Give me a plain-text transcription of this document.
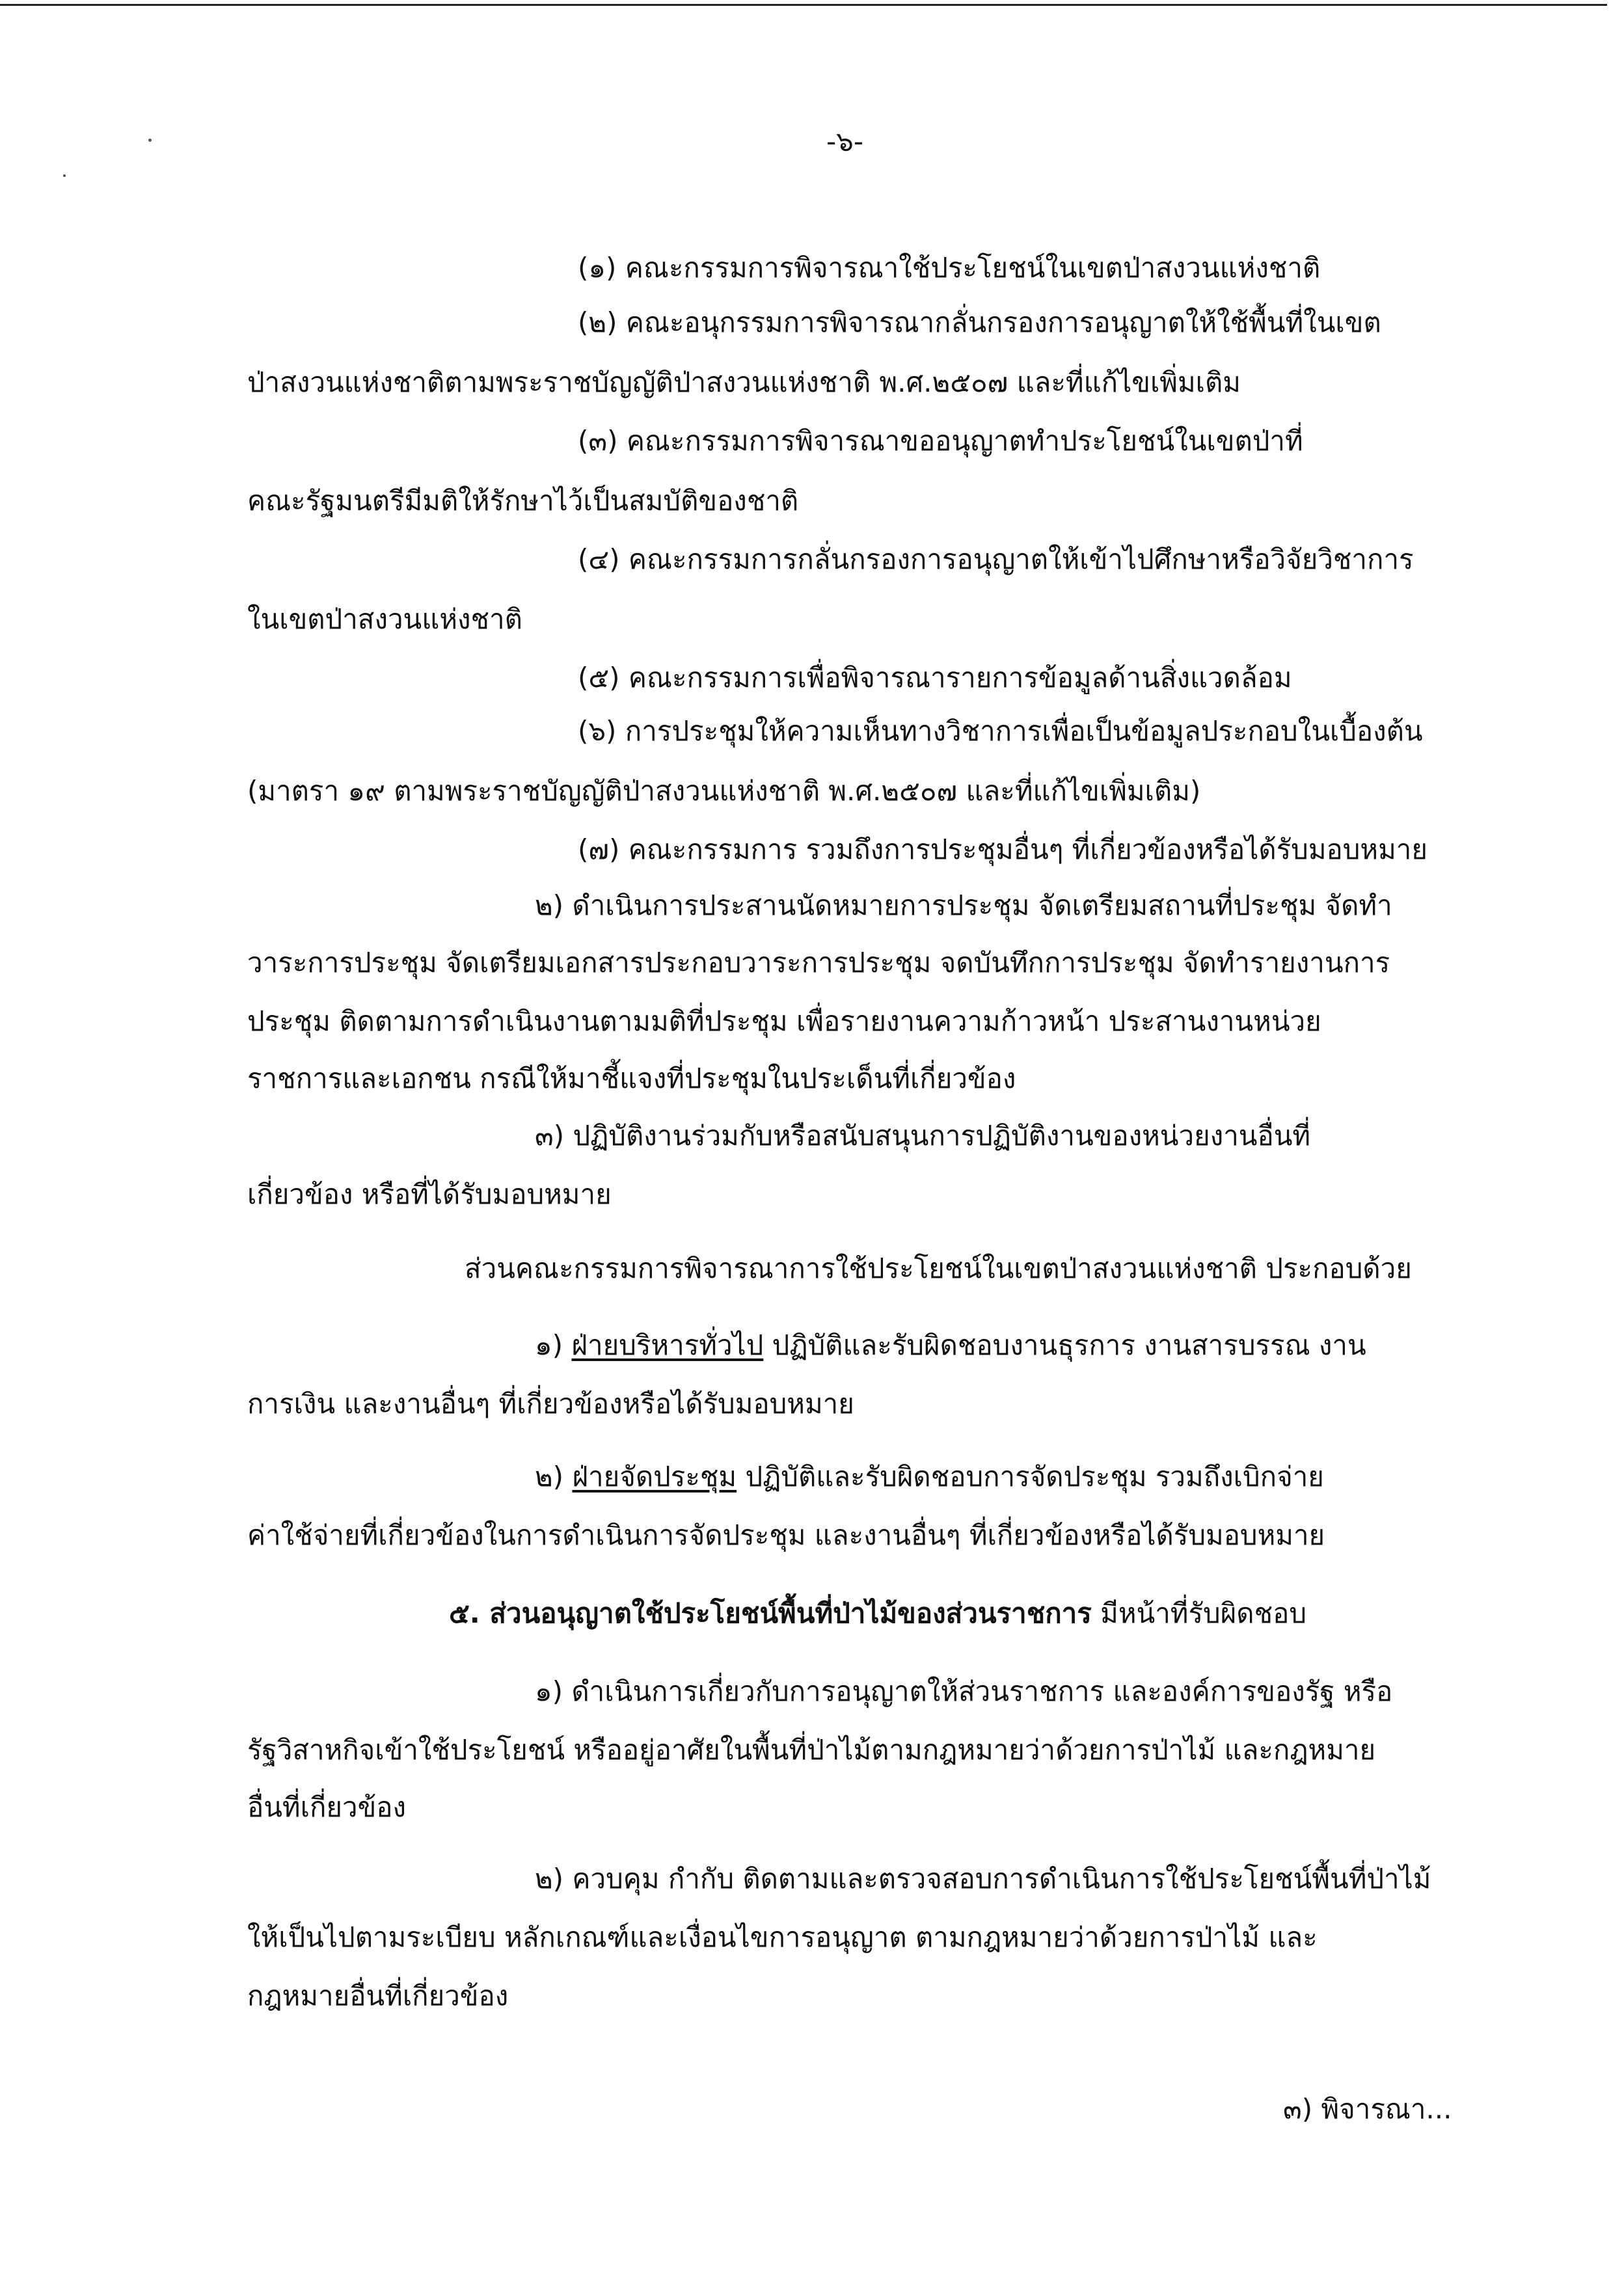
-๖-
(๑) คณะกรรมการพิจารณาใช้ประโยชน์ในเขตป่าสงวนแห่งชาติ
(๒) คณะอนุกรรมการพิจารณากลั่นกรองการอนุญาตให้ใช้พื้นที่ในเขต
ป่าสงวนแห่งชาติตามพระราชบัญญัติป่าสงวนแห่งชาติ พ.ศ.๒๕๐๗ และที่แก้ไขเพิ่มเติม
(๓) คณะกรรมการพิจารณาขออนุญาตทำประโยชน์ในเขตป่าที่
คณะรัฐมนตรีมีมติให้รักษาไว้เป็นสมบัติของชาติ
(๔) คณะกรรมการกลั่นกรองการอนุญาตให้เข้าไปศึกษาหรือวิจัยวิชาการ
ในเขตป่าสงวนแห่งชาติ
(๕) คณะกรรมการเพื่อพิจารณารายการข้อมูลด้านสิ่งแวดล้อม
(๖) การประชุมให้ความเห็นทางวิชาการเพื่อเป็นข้อมูลประกอบในเบื้องต้น
(มาตรา ๑๙ ตามพระราชบัญญัติป่าสงวนแห่งชาติ พ.ศ.๒๕๐๗ และที่แก้ไขเพิ่มเติม)
(๗) คณะกรรมการ รวมถึงการประชุมอื่นๆ ที่เกี่ยวข้องหรือได้รับมอบหมาย
๒) ดำเนินการประสานนัดหมายการประชุม จัดเตรียมสถานที่ประชุม จัดทำ
วาระการประชุม จัดเตรียมเอกสารประกอบวาระการประชุม จดบันทึกการประชุม จัดทำรายงานการ
ประชุม ติดตามการดำเนินงานตามมติที่ประชุม เพื่อรายงานความก้าวหน้า ประสานงานหน่วย
ราชการและเอกชน กรณีให้มาชี้แจงที่ประชุมในประเด็นที่เกี่ยวข้อง
๓) ปฏิบัติงานร่วมกับหรือสนับสนุนการปฏิบัติงานของหน่วยงานอื่นที่
เกี่ยวข้อง หรือที่ได้รับมอบหมาย
ส่วนคณะกรรมการพิจารณาการใช้ประโยชน์ในเขตป่าสงวนแห่งชาติ ประกอบด้วย
๑) ฝ่ายบริหารทั่วไป ปฏิบัติและรับผิดชอบงานธุรการ งานสารบรรณ งาน
การเงิน และงานอื่นๆ ที่เกี่ยวข้องหรือได้รับมอบหมาย
๒) ฝ่ายจัดประชุม ปฏิบัติและรับผิดชอบการจัดประชุม รวมถึงเบิกจ่าย
ค่าใช้จ่ายที่เกี่ยวข้องในการดำเนินการจัดประชุม และงานอื่นๆ ที่เกี่ยวข้องหรือได้รับมอบหมาย
๕. ส่วนอนุญาตใช้ประโยชน์พื้นที่ป่าไม้ของส่วนราชการ มีหน้าที่รับผิดชอบ
๑) ดำเนินการเกี่ยวกับการอนุญาตให้ส่วนราชการ และองค์การของรัฐ หรือ
รัฐวิสาหกิจเข้าใช้ประโยชน์ หรืออยู่อาศัยในพื้นที่ป่าไม้ตามกฎหมายว่าด้วยการป่าไม้ และกฎหมาย
อื่นที่เกี่ยวข้อง
๒) ควบคุม กำกับ ติดตามและตรวจสอบการดำเนินการใช้ประโยชน์พื้นที่ป่าไม้
ให้เป็นไปตามระเบียบ หลักเกณฑ์และเงื่อนไขการอนุญาต ตามกฎหมายว่าด้วยการป่าไม้ และ
กฎหมายอื่นที่เกี่ยวข้อง
๓) พิจารณา...
